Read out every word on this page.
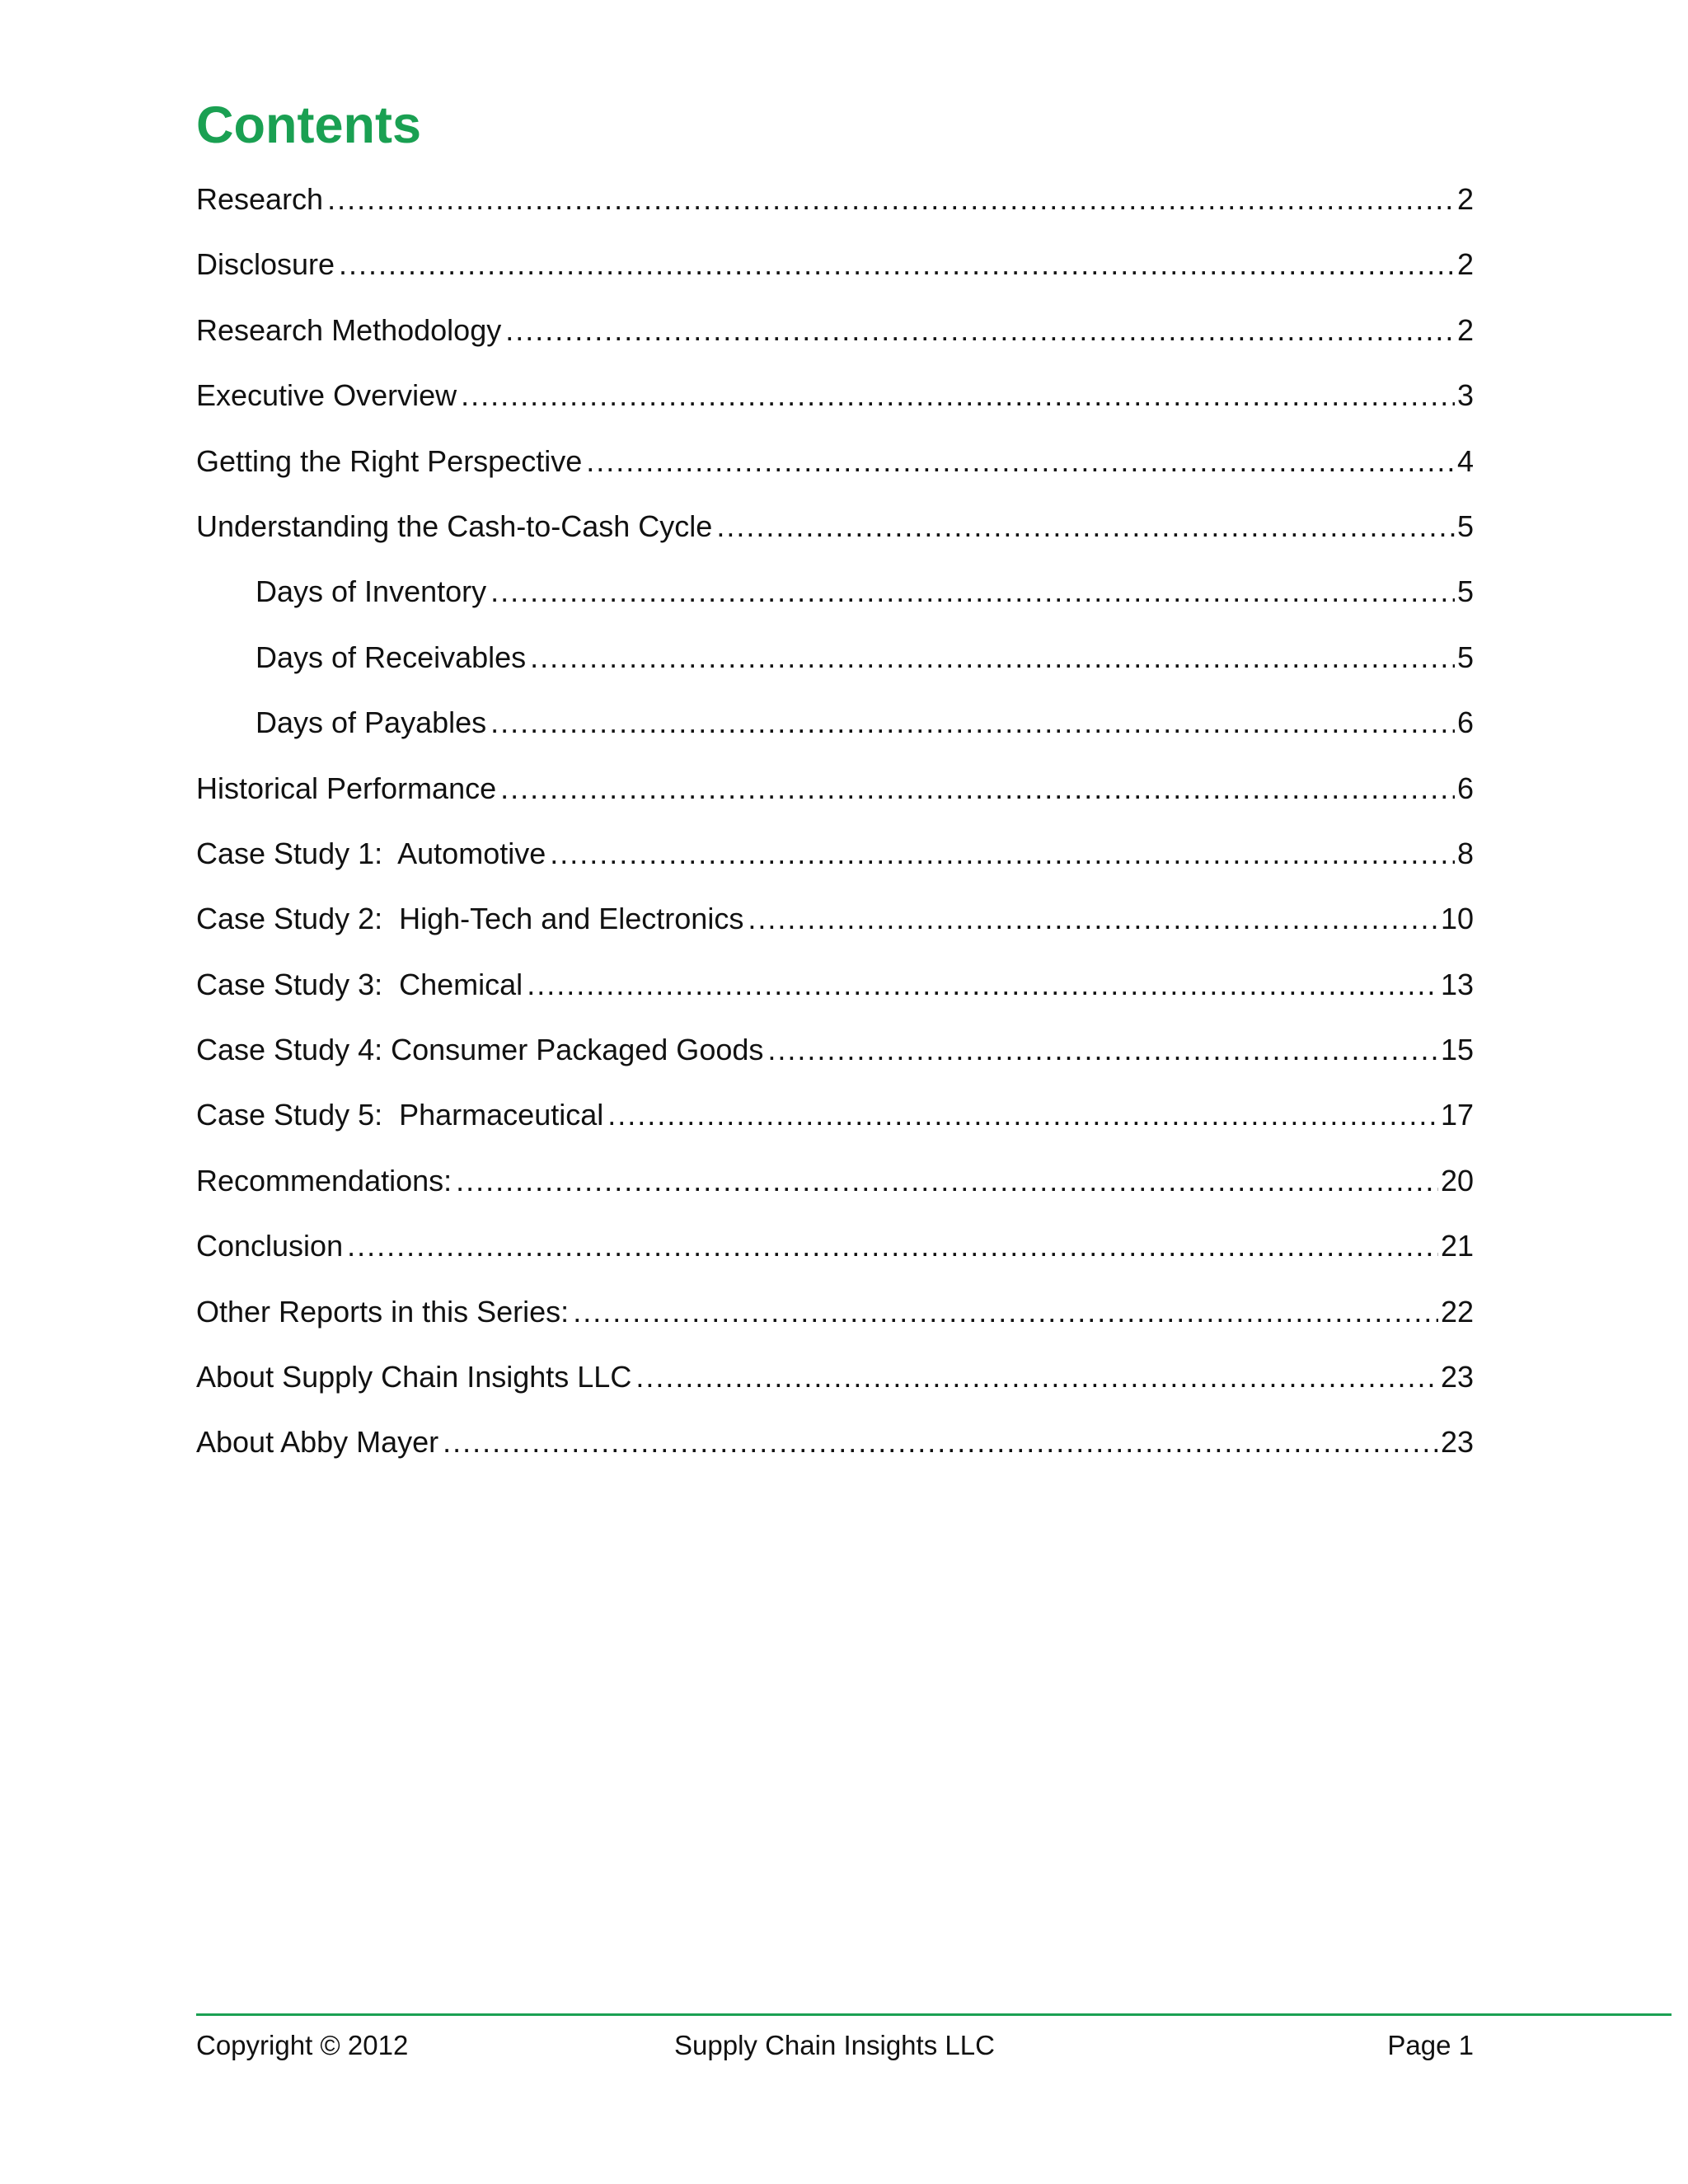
Contents
Research .....	2
Disclosure .....	2
Research Methodology .....	2
Executive Overview .....	3
Getting the Right Perspective .....	4
Understanding the Cash-to-Cash Cycle .....	5
Days of Inventory .....	5
Days of Receivables .....	5
Days of Payables .....	6
Historical Performance .....	6
Case Study 1:  Automotive .....	8
Case Study 2:  High-Tech and Electronics .....	10
Case Study 3:  Chemical .....	13
Case Study 4: Consumer Packaged Goods .....	15
Case Study 5:  Pharmaceutical .....	17
Recommendations: .....	20
Conclusion .....	21
Other Reports in this Series: .....	22
About Supply Chain Insights LLC .....	23
About Abby Mayer .....	23
Copyright © 2012	Supply Chain Insights LLC	Page 1
